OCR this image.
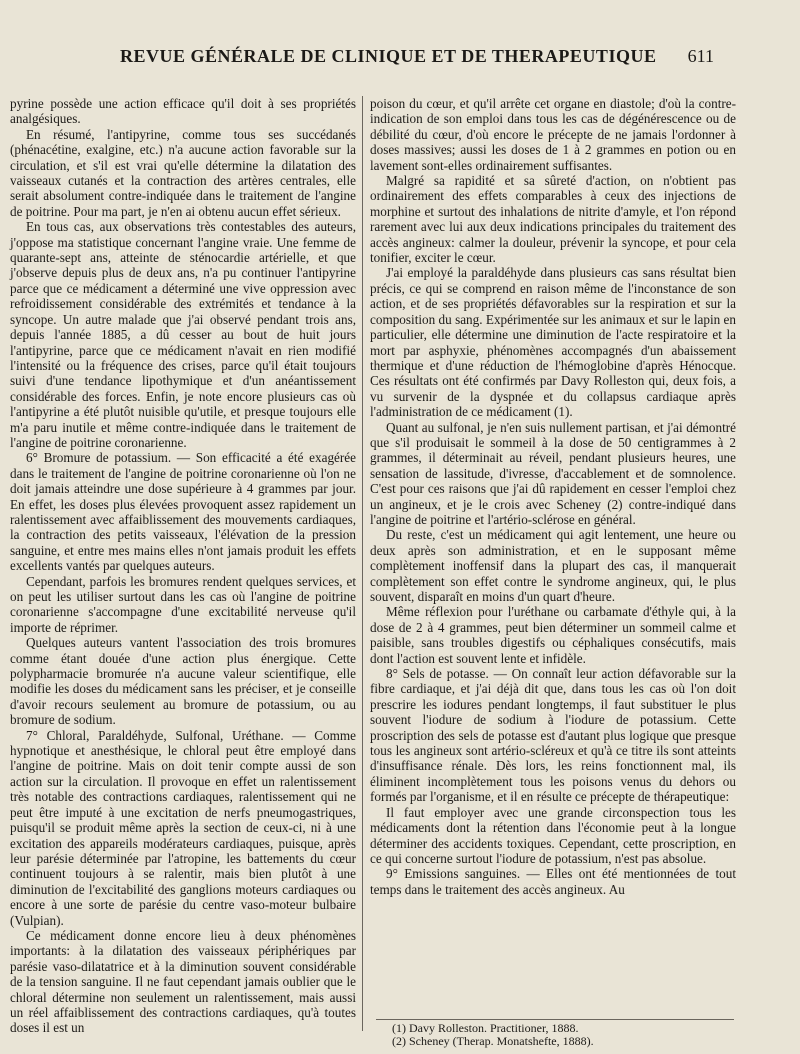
REVUE GÉNÉRALE DE CLINIQUE ET DE THERAPEUTIQUE 611

pyrine possède une action efficace qu'il doit à ses propriétés analgésiques.

En résumé, l'antipyrine, comme tous ses succédanés (phénacétine, exalgine, etc.) n'a aucune action favorable sur la circulation, et s'il est vrai qu'elle détermine la dilatation des vaisseaux cutanés et la contraction des artères centrales, elle serait absolument contre-indiquée dans le traitement de l'angine de poitrine. Pour ma part, je n'en ai obtenu aucun effet sérieux.

En tous cas, aux observations très contestables des auteurs, j'oppose ma statistique concernant l'angine vraie. Une femme de quarante-sept ans, atteinte de sténocardie artérielle, et que j'observe depuis plus de deux ans, n'a pu continuer l'antipyrine parce que ce médicament a déterminé une vive oppression avec refroidissement considérable des extrémités et tendance à la syncope. Un autre malade que j'ai observé pendant trois ans, depuis l'année 1885, a dû cesser au bout de huit jours l'antipyrine, parce que ce médicament n'avait en rien modifié l'intensité ou la fréquence des crises, parce qu'il était toujours suivi d'une tendance lipothymique et d'un anéantissement considérable des forces. Enfin, je note encore plusieurs cas où l'antipyrine a été plutôt nuisible qu'utile, et presque toujours elle m'a paru inutile et même contre-indiquée dans le traitement de l'angine de poitrine coronarienne.

6° Bromure de potassium. — Son efficacité a été exagérée dans le traitement de l'angine de poitrine coronarienne où l'on ne doit jamais atteindre une dose supérieure à 4 grammes par jour. En effet, les doses plus élevées provoquent assez rapidement un ralentissement avec affaiblissement des mouvements cardiaques, la contraction des petits vaisseaux, l'élévation de la pression sanguine, et entre mes mains elles n'ont jamais produit les effets excellents vantés par quelques auteurs.

Cependant, parfois les bromures rendent quelques services, et on peut les utiliser surtout dans les cas où l'angine de poitrine coronarienne s'accompagne d'une excitabilité nerveuse qu'il importe de réprimer.

Quelques auteurs vantent l'association des trois bromures comme étant douée d'une action plus énergique. Cette polypharmacie bromurée n'a aucune valeur scientifique, elle modifie les doses du médicament sans les préciser, et je conseille d'avoir recours seulement au bromure de potassium, ou au bromure de sodium.

7° Chloral, Paraldéhyde, Sulfonal, Uréthane. — Comme hypnotique et anesthésique, le chloral peut être employé dans l'angine de poitrine. Mais on doit tenir compte aussi de son action sur la circulation. Il provoque en effet un ralentissement très notable des contractions cardiaques, ralentissement qui ne peut être imputé à une excitation de nerfs pneumogastriques, puisqu'il se produit même après la section de ceux-ci, ni à une excitation des appareils modérateurs cardiaques, puisque, après leur parésie déterminée par l'atropine, les battements du cœur continuent toujours à se ralentir, mais bien plutôt à une diminution de l'excitabilité des ganglions moteurs cardiaques ou encore à une sorte de parésie du centre vaso-moteur bulbaire (Vulpian).

Ce médicament donne encore lieu à deux phénomènes importants: à la dilatation des vaisseaux périphériques par parésie vaso-dilatatrice et à la diminution souvent considérable de la tension sanguine. Il ne faut cependant jamais oublier que le chloral détermine non seulement un ralentissement, mais aussi un réel affaiblissement des contractions cardiaques, qu'à toutes doses il est un

poison du cœur, et qu'il arrête cet organe en diastole; d'où la contre-indication de son emploi dans tous les cas de dégénérescence ou de débilité du cœur, d'où encore le précepte de ne jamais l'ordonner à doses massives; aussi les doses de 1 à 2 grammes en potion ou en lavement sont-elles ordinairement suffisantes.

Malgré sa rapidité et sa sûreté d'action, on n'obtient pas ordinairement des effets comparables à ceux des injections de morphine et surtout des inhalations de nitrite d'amyle, et l'on répond rarement avec lui aux deux indications principales du traitement des accès angineux: calmer la douleur, prévenir la syncope, et pour cela tonifier, exciter le cœur.

J'ai employé la paraldéhyde dans plusieurs cas sans résultat bien précis, ce qui se comprend en raison même de l'inconstance de son action, et de ses propriétés défavorables sur la respiration et sur la composition du sang. Expérimentée sur les animaux et sur le lapin en particulier, elle détermine une diminution de l'acte respiratoire et la mort par asphyxie, phénomènes accompagnés d'un abaissement thermique et d'une réduction de l'hémoglobine d'après Hénocque. Ces résultats ont été confirmés par Davy Rolleston qui, deux fois, a vu survenir de la dyspnée et du collapsus cardiaque après l'administration de ce médicament (1).

Quant au sulfonal, je n'en suis nullement partisan, et j'ai démontré que s'il produisait le sommeil à la dose de 50 centigrammes à 2 grammes, il déterminait au réveil, pendant plusieurs heures, une sensation de lassitude, d'ivresse, d'accablement et de somnolence. C'est pour ces raisons que j'ai dû rapidement en cesser l'emploi chez un angineux, et je le crois avec Scheney (2) contre-indiqué dans l'angine de poitrine et l'artério-sclérose en général.

Du reste, c'est un médicament qui agit lentement, une heure ou deux après son administration, et en le supposant même complètement inoffensif dans la plupart des cas, il manquerait complètement son effet contre le syndrome angineux, qui, le plus souvent, disparaît en moins d'un quart d'heure.

Même réflexion pour l'uréthane ou carbamate d'éthyle qui, à la dose de 2 à 4 grammes, peut bien déterminer un sommeil calme et paisible, sans troubles digestifs ou céphaliques consécutifs, mais dont l'action est souvent lente et infidèle.

8° Sels de potasse. — On connaît leur action défavorable sur la fibre cardiaque, et j'ai déjà dit que, dans tous les cas où l'on doit prescrire les iodures pendant longtemps, il faut substituer le plus souvent l'iodure de sodium à l'iodure de potassium. Cette proscription des sels de potasse est d'autant plus logique que presque tous les angineux sont artério-scléreux et qu'à ce titre ils sont atteints d'insuffisance rénale. Dès lors, les reins fonctionnent mal, ils éliminent incomplètement tous les poisons venus du dehors ou formés par l'organisme, et il en résulte ce précepte de thérapeutique:

Il faut employer avec une grande circonspection tous les médicaments dont la rétention dans l'économie peut à la longue déterminer des accidents toxiques. Cependant, cette proscription, en ce qui concerne surtout l'iodure de potassium, n'est pas absolue.

9° Emissions sanguines. — Elles ont été mentionnées de tout temps dans le traitement des accès angineux. Au

(1) Davy Rolleston. Practitioner, 1888.
(2) Scheney (Therap. Monatshefte, 1888).
